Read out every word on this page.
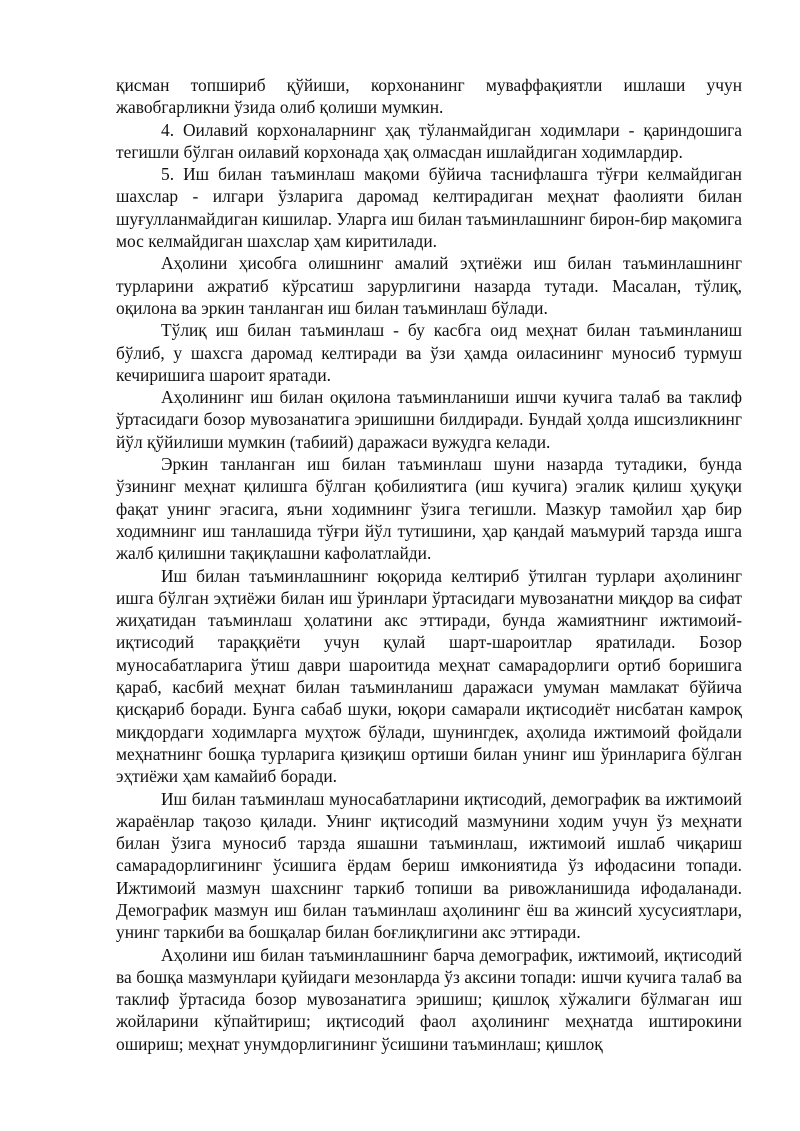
қисман топшириб қўйиши, корхонанинг муваффақиятли ишлаши учун жавобгарликни ўзида олиб қолиши мумкин.

4. Оилавий корхоналарнинг ҳақ тўланмайдиган ходимлари - қариндошига тегишли бўлган оилавий корхонада ҳақ олмасдан ишлайдиган ходимлардир.

5. Иш билан таъминлаш мақоми бўйича таснифлашга тўғри келмайдиган шахслар - илгари ўзларига даромад келтирадиган меҳнат фаолияти билан шуғулланмайдиган кишилар. Уларга иш билан таъминлашнинг бирон-бир мақомига мос келмайдиган шахслар ҳам киритилади.

Аҳолини ҳисобга олишнинг амалий эҳтиёжи иш билан таъминлашнинг турларини ажратиб кўрсатиш зарурлигини назарда тутади. Масалан, тўлиқ, оқилона ва эркин танланган иш билан таъминлаш бўлади.

Тўлиқ иш билан таъминлаш - бу касбга оид меҳнат билан таъминланиш бўлиб, у шахсга даромад келтиради ва ўзи ҳамда оиласининг муносиб турмуш кечиришига шароит яратади.

Аҳолининг иш билан оқилона таъминланиши ишчи кучига талаб ва таклиф ўртасидаги бозор мувозанатига эришишни билдиради. Бундай ҳолда ишсизликнинг йўл қўйилиши мумкин (табиий) даражаси вужудга келади.

Эркин танланган иш билан таъминлаш шуни назарда тутадики, бунда ўзининг меҳнат қилишга бўлган қобилиятига (иш кучига) эгалик қилиш ҳуқуқи фақат унинг эгасига, яъни ходимнинг ўзига тегишли. Мазкур тамойил ҳар бир ходимнинг иш танлашида тўғри йўл тутишини, ҳар қандай маъмурий тарзда ишга жалб қилишни тақиқлашни кафолатлайди.

Иш билан таъминлашнинг юқорида келтириб ўтилган турлари аҳолининг ишга бўлган эҳтиёжи билан иш ўринлари ўртасидаги мувозанатни миқдор ва сифат жиҳатидан таъминлаш ҳолатини акс эттиради, бунда жамиятнинг ижтимоий-иқтисодий тараққиёти учун қулай шарт-шароитлар яратилади. Бозор муносабатларига ўтиш даври шароитида меҳнат самарадорлиги ортиб боришига қараб, касбий меҳнат билан таъминланиш даражаси умуман мамлакат бўйича қисқариб боради. Бунга сабаб шуки, юқори самарали иқтисодиёт нисбатан камроқ миқдордаги ходимларга муҳтож бўлади, шунингдек, аҳолида ижтимоий фойдали меҳнатнинг бошқа турларига қизиқиш ортиши билан унинг иш ўринларига бўлган эҳтиёжи ҳам камайиб боради.

Иш билан таъминлаш муносабатларини иқтисодий, демографик ва ижтимоий жараёнлар тақозо қилади. Унинг иқтисодий мазмунини ходим учун ўз меҳнати билан ўзига муносиб тарзда яшашни таъминлаш, ижтимоий ишлаб чиқариш самарадорлигининг ўсишига ёрдам бериш имкониятида ўз ифодасини топади. Ижтимоий мазмун шахснинг таркиб топиши ва ривожланишида ифодаланади. Демографик мазмун иш билан таъминлаш аҳолининг ёш ва жинсий хусусиятлари, унинг таркиби ва бошқалар билан боғлиқлигини акс эттиради.

Аҳолини иш билан таъминлашнинг барча демографик, ижтимоий, иқтисодий ва бошқа мазмунлари қуйидаги мезонларда ўз аксини топади: ишчи кучига талаб ва таклиф ўртасида бозор мувозанатига эришиш; қишлоқ хўжалиги бўлмаган иш жойларини кўпайтириш; иқтисодий фаол аҳолининг меҳнатда иштирокини ошириш; меҳнат унумдорлигининг ўсишини таъминлаш; қишлоқ
